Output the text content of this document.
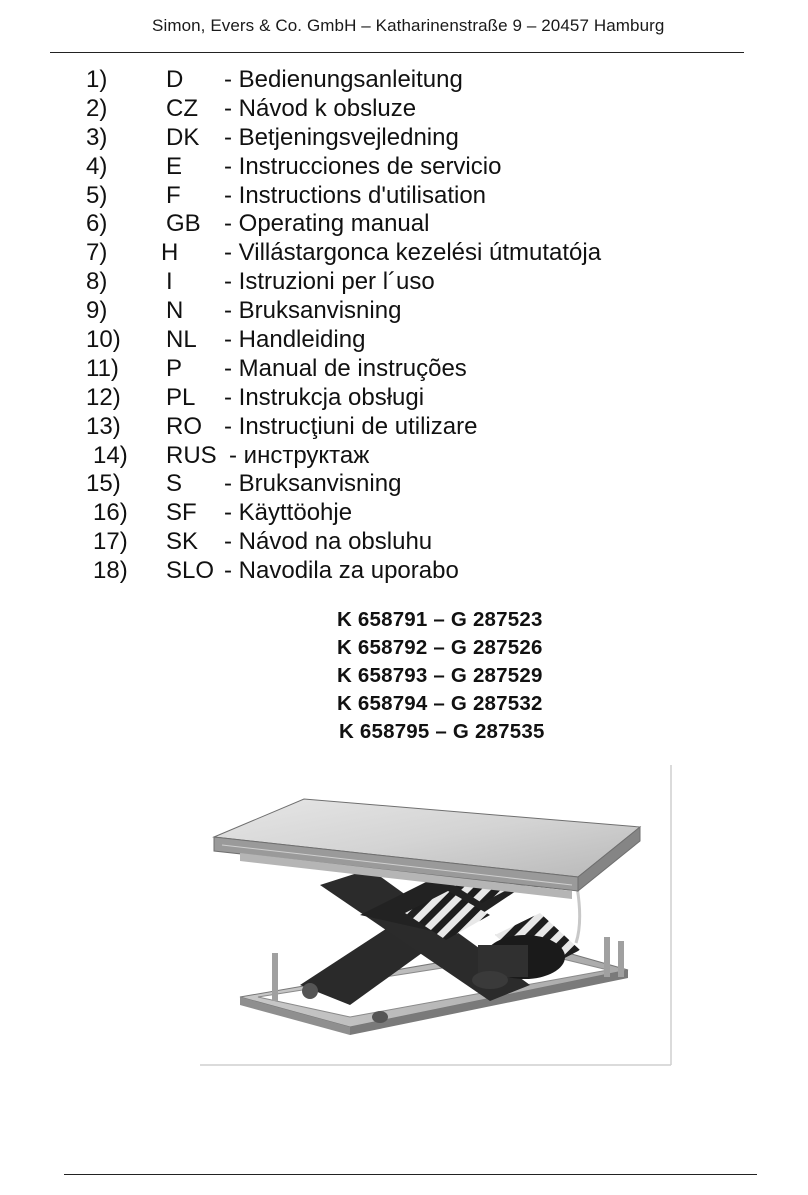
Simon, Evers & Co. GmbH – Katharinenstraße 9 – 20457 Hamburg
1)	D	- Bedienungsanleitung
2)	CZ	- Návod k obsluze
3)	DK	- Betjeningsvejledning
4)	E	- Instrucciones de servicio
5)	F	- Instructions d'utilisation
6)	GB - Operating manual
7)	H	- Villástargonca kezelési útmutatója
8)	I	- Istruzioni per l´uso
9)	N	- Bruksanvisning
10)	NL	- Handleiding
11)	P	- Manual de instruções
12)	PL	- Instrukcja obsługi
13)	RO - Instrucţiuni de utilizare
14)	RUS - инструктаж
15)	S	- Bruksanvisning
16)	SF	- Käyttöohje
17)	SK	- Návod na obsluhu
18)	SLO - Navodila za uporabo
K 658791 – G 287523
K 658792 – G 287526
K 658793 – G 287529
K 658794 – G 287532
K 658795 – G 287535
